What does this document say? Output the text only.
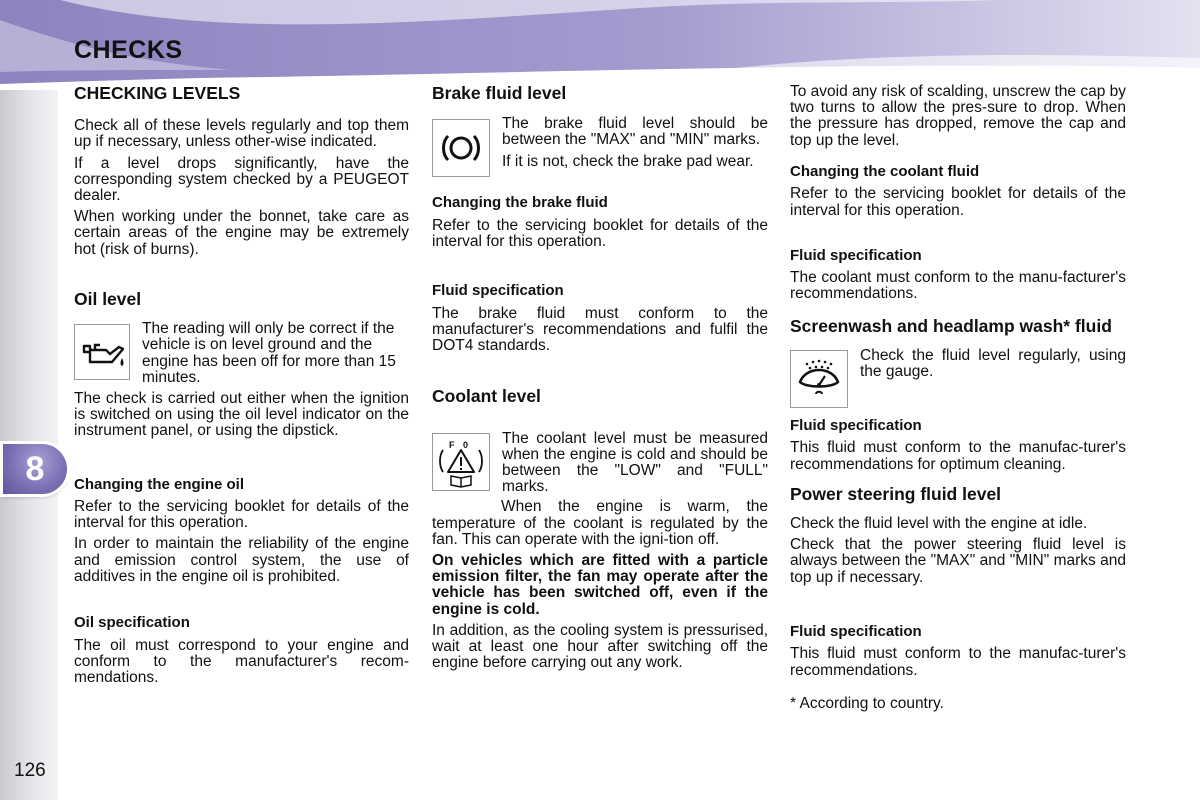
CHECKS
8
126
CHECKING LEVELS

Check all of these levels regularly and top them up if necessary, unless other-wise indicated.

If a level drops significantly, have the corresponding system checked by a PEUGEOT dealer.

When working under the bonnet, take care as certain areas of the engine may be extremely hot (risk of burns).

Oil level

The reading will only be correct if the vehicle is on level ground and the engine has been off for more than 15 minutes.

The check is carried out either when the ignition is switched on using the oil level indicator on the instrument panel, or using the dipstick.

Changing the engine oil

Refer to the servicing booklet for details of the interval for this operation.

In order to maintain the reliability of the engine and emission control system, the use of additives in the engine oil is prohibited.

Oil specification

The oil must correspond to your engine and conform to the manufacturer's recom-mendations.

Brake fluid level

The brake fluid level should be between the "MAX" and "MIN" marks.

If it is not, check the brake pad wear.

Changing the brake fluid

Refer to the servicing booklet for details of the interval for this operation.

Fluid specification

The brake fluid must conform to the manufacturer's recommendations and fulfil the DOT4 standards.

Coolant level
F 0 The coolant level must be measured when the engine is cold and should be between the "LOW" and "FULL" marks.

When the engine is warm, the temperature of the coolant is regulated by the fan. This can operate with the igni-tion off.

On vehicles which are fitted with a particle emission filter, the fan may operate after the vehicle has been switched off, even if the engine is cold.

In addition, as the cooling system is pressurised, wait at least one hour after switching off the engine before carrying out any work.

To avoid any risk of scalding, unscrew the cap by two turns to allow the pres-sure to drop. When the pressure has dropped, remove the cap and top up the level.

Changing the coolant fluid

Refer to the servicing booklet for details of the interval for this operation.

Fluid specification

The coolant must conform to the manu-facturer's recommendations.

Screenwash and headlamp wash* fluid

Check the fluid level regularly, using the gauge.

Fluid specification

This fluid must conform to the manufac-turer's recommendations for optimum cleaning.

Power steering fluid level

Check the fluid level with the engine at idle.

Check that the power steering fluid level is always between the "MAX" and "MIN" marks and top up if necessary.

Fluid specification

This fluid must conform to the manufac-turer's recommendations.

* According to country.
